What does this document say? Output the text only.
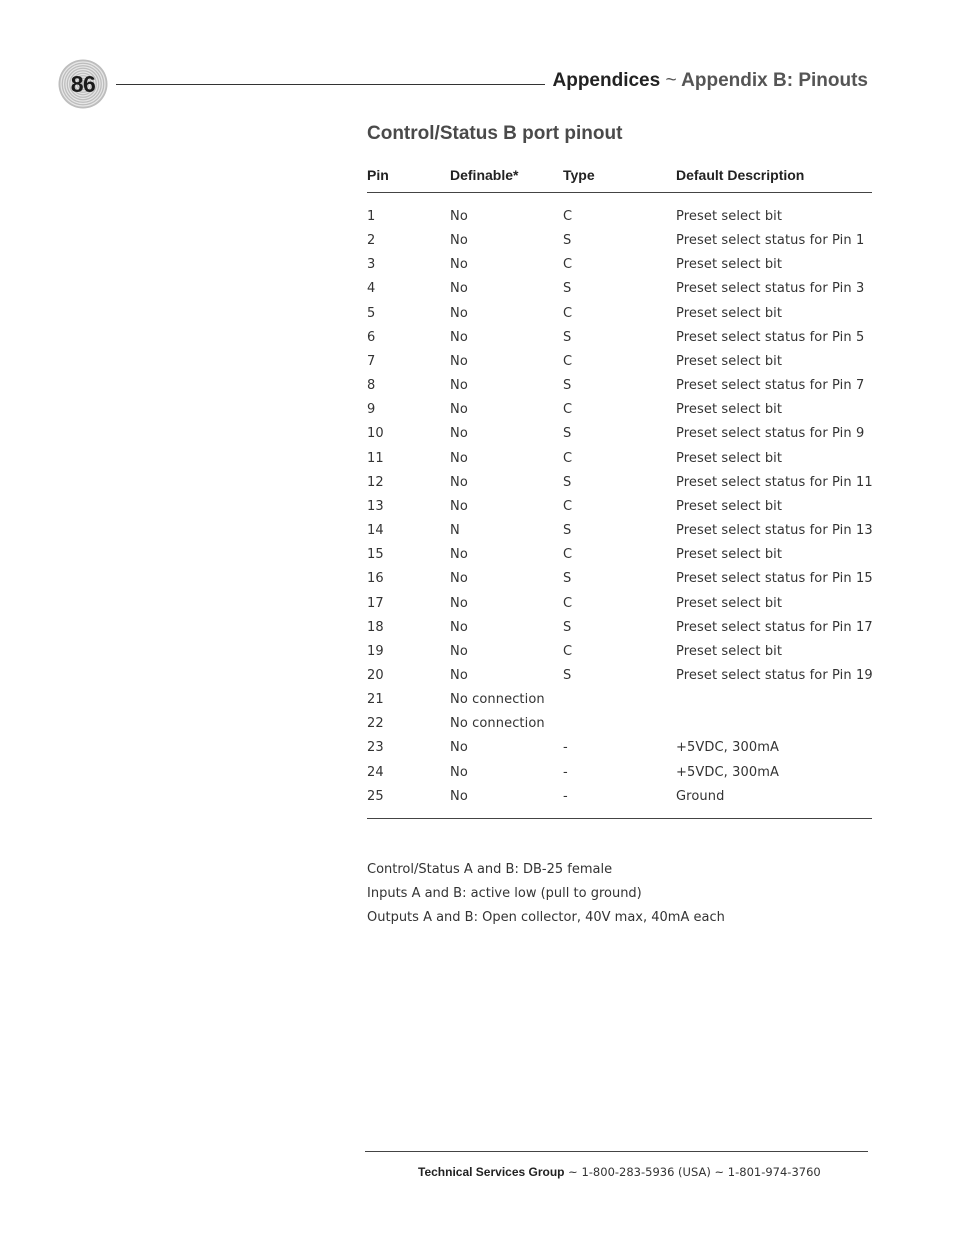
86	Appendices ~ Appendix B: Pinouts
Control/Status B port pinout
Pin	Definable*	Type	Default Description
1	No	C	Preset select bit
2	No	S	Preset select status for Pin 1
3	No	C	Preset select bit
4	No	S	Preset select status for Pin 3
5	No	C	Preset select bit
6	No	S	Preset select status for Pin 5
7	No	C	Preset select bit
8	No	S	Preset select status for Pin 7
9	No	C	Preset select bit
10	No	S	Preset select status for Pin 9
11	No	C	Preset select bit
12	No	S	Preset select status for Pin 11
13	No	C	Preset select bit
14	N	S	Preset select status for Pin 13
15	No	C	Preset select bit
16	No	S	Preset select status for Pin 15
17	No	C	Preset select bit
18	No	S	Preset select status for Pin 17
19	No	C	Preset select bit
20	No	S	Preset select status for Pin 19
21	No connection
22	No connection
23	No	-	+5VDC, 300mA
24	No	-	+5VDC, 300mA
25	No	-	Ground
Control/Status A and B: DB-25 female
Inputs A and B: active low (pull to ground)
Outputs A and B: Open collector, 40V max, 40mA each
Technical Services Group ~ 1-800-283-5936 (USA) ~ 1-801-974-3760
